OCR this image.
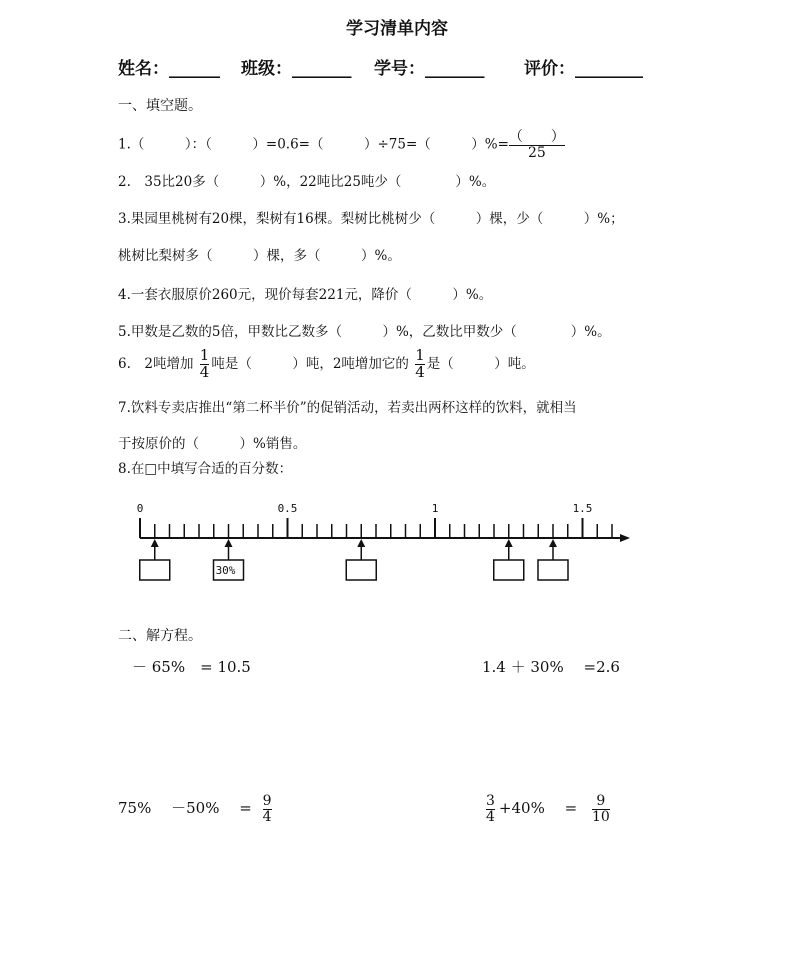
学习清单内容
姓名：______ 班级：_______ 学号：_______ 评价：________
一、填空题。
1.（　　　）：（　　　）=0.6=（　　　）÷75=（　　　）%= $\frac{( )}{25}$
2.　35比20多（　　　）%，22吨比25吨少（　　　　）%。
3.果园里桃树有20棵，梨树有16棵。梨树比桃树少（　　　）棵，少（　　　）%；
桃树比梨树多（　　　）棵，多（　　　）%。
4.一套衣服原价260元，现价每套221元，降价（　　　）%。
5.甲数是乙数的5倍，甲数比乙数多（　　　）%，乙数比甲数少（　　　　）%。
6.　2吨增加 $\frac{1}{4}$ 吨是（　　　）吨，2吨增加它的 $\frac{1}{4}$ 是（　　　）吨。
7.饮料专卖店推出“第二杯半价”的促销活动，若卖出两杯这样的饮料，就相当
于按原价的（　　　）%销售。
8.在□中填写合适的百分数：
0	0.5	1	1.5
30%
二、解方程。
－ 65%　= 10.5	1.4 ＋ 30%　 =2.6
75%　 －50%　 = $\frac{9}{4}$	$\frac{3}{4} +40\%$　 = $\frac{9}{10}$
